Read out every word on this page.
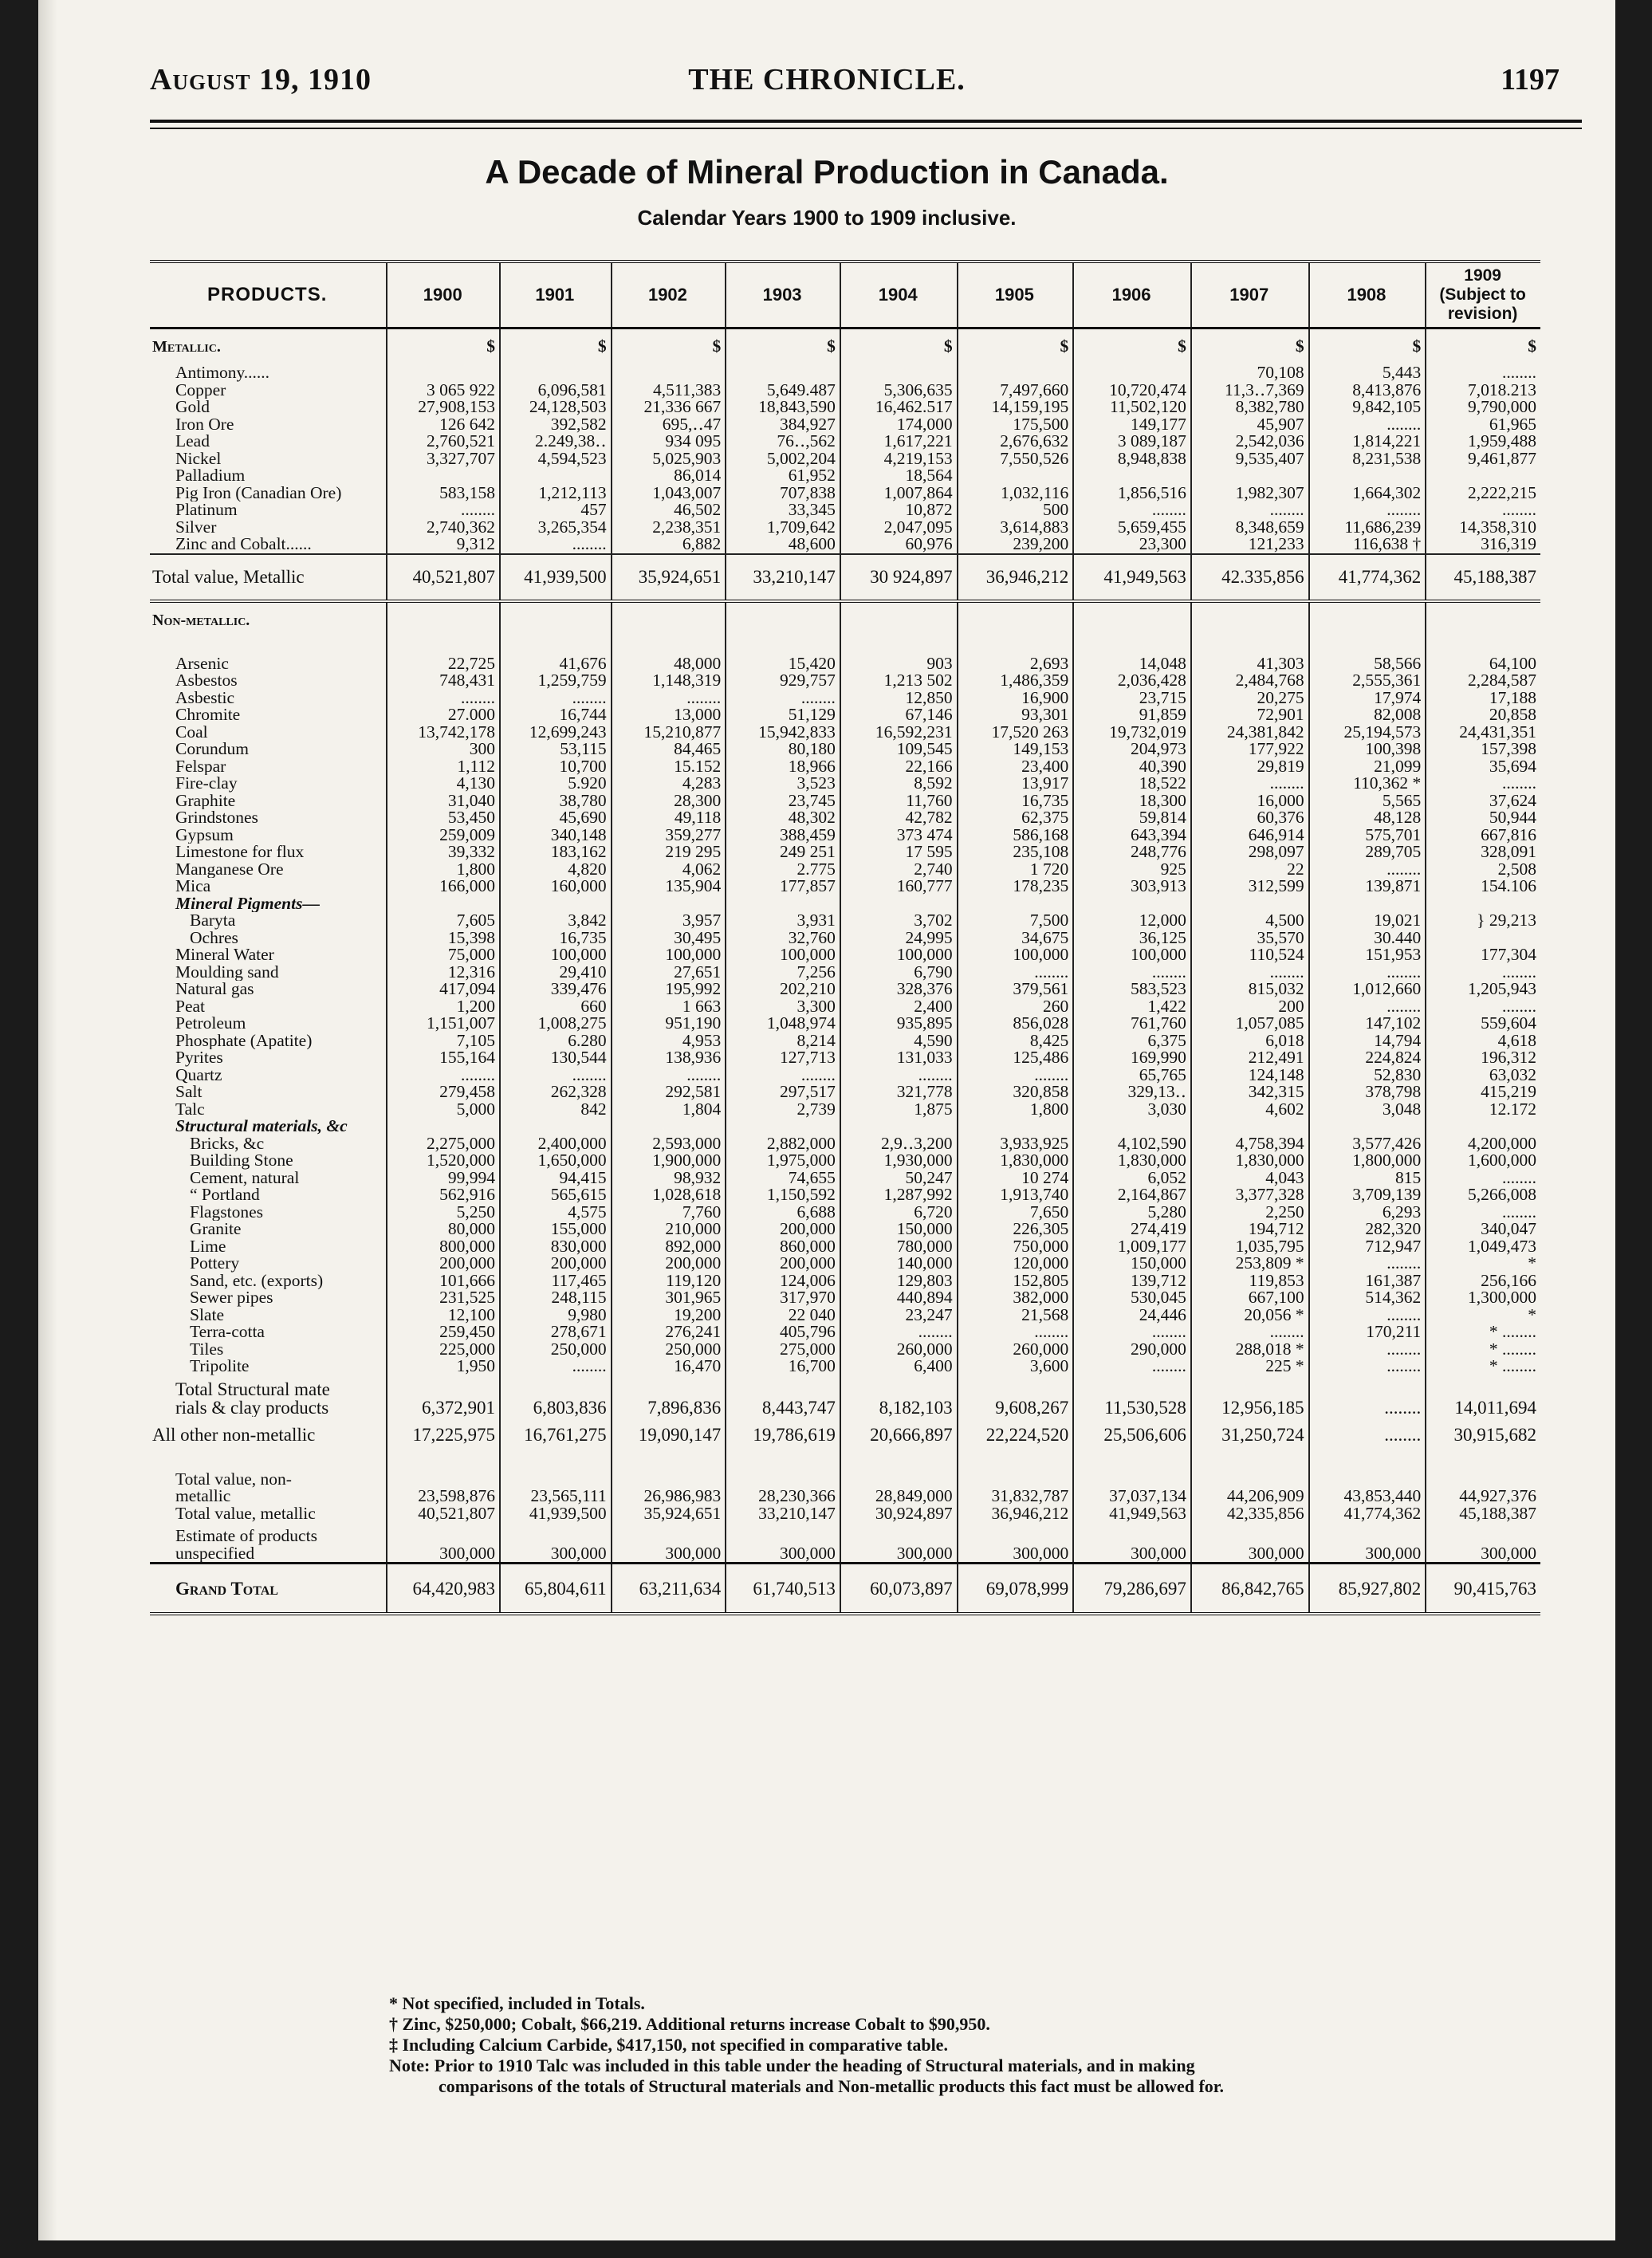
August 19, 1910	THE CHRONICLE.	1197
A Decade of Mineral Production in Canada.
Calendar Years 1900 to 1909 inclusive.
PRODUCTS.	1900	1901	1902	1903	1904	1905	1906	1907	1908	1909 (Subject to revision)
Metallic.	$	$	$	$	$	$	$	$	$	$
Antimony......								70,108	5,443	........
Copper	3 065 922	6,096,581	4,511,383	5,649.487	5,306,635	7,497,660	10,720,474	11,3‥7,369	8,413,876	7,018.213
Gold	27,908,153	24,128,503	21,336 667	18,843,590	16,462.517	14,159,195	11,502,120	8,382,780	9,842,105	9,790,000
Iron Ore	126 642	392,582	695,‥47	384,927	174,000	175,500	149,177	45,907	........	61,965
Lead	2,760,521	2.249,38‥	934 095	76‥,562	1,617,221	2,676,632	3 089,187	2,542,036	1,814,221	1,959,488
Nickel	3,327,707	4,594,523	5,025,903	5,002,204	4,219,153	7,550,526	8,948,838	9,535,407	8,231,538	9,461,877
Palladium			86,014	61,952	18,564					
Pig Iron (Canadian Ore)	583,158	1,212,113	1,043,007	707,838	1,007,864	1,032,116	1,856,516	1,982,307	1,664,302	2,222,215
Platinum	........	457	46,502	33,345	10,872	500	........	........	........	........
Silver	2,740,362	3,265,354	2,238,351	1,709,642	2,047,095	3,614,883	5,659,455	8,348,659	11,686,239	14,358,310
Zinc and Cobalt......	9,312	........	6,882	48,600	60,976	239,200	23,300	121,233	116,638 †	316,319
Total value, Metallic	40,521,807	41,939,500	35,924,651	33,210,147	30 924,897	36,946,212	41,949,563	42.335,856	41,774,362	45,188,387
Non-metallic.										

Arsenic	22,725	41,676	48,000	15,420	903	2,693	14,048	41,303	58,566	64,100
Asbestos	748,431	1,259,759	1,148,319	929,757	1,213 502	1,486,359	2,036,428	2,484,768	2,555,361	2,284,587
Asbestic	........	........	........	........	12,850	16,900	23,715	20,275	17,974	17,188
Chromite	27.000	16,744	13,000	51,129	67,146	93,301	91,859	72,901	82,008	20,858
Coal	13,742,178	12,699,243	15,210,877	15,942,833	16,592,231	17,520 263	19,732,019	24,381,842	25,194,573	24,431,351
Corundum	300	53,115	84,465	80,180	109,545	149,153	204,973	177,922	100,398	157,398
Felspar	1,112	10,700	15.152	18,966	22,166	23,400	40,390	29,819	21,099	35,694
Fire-clay	4,130	5.920	4,283	3,523	8,592	13,917	18,522	........	110,362 *	........
Graphite	31,040	38,780	28,300	23,745	11,760	16,735	18,300	16,000	5,565	37,624
Grindstones	53,450	45,690	49,118	48,302	42,782	62,375	59,814	60,376	48,128	50,944
Gypsum	259,009	340,148	359,277	388,459	373 474	586,168	643,394	646,914	575,701	667,816
Limestone for flux	39,332	183,162	219 295	249 251	17 595	235,108	248,776	298,097	289,705	328,091
Manganese Ore	1,800	4,820	4,062	2.775	2,740	1 720	925	22	........	2,508
Mica	166,000	160,000	135,904	177,857	160,777	178,235	303,913	312,599	139,871	154.106
Mineral Pigments—										
Baryta	7,605	3,842	3,957	3,931	3,702	7,500	12,000	4,500	19,021	} 29,213
Ochres	15,398	16,735	30,495	32,760	24,995	34,675	36,125	35,570	30.440	
Mineral Water	75,000	100,000	100,000	100,000	100,000	100,000	100,000	110,524	151,953	177,304
Moulding sand	12,316	29,410	27,651	7,256	6,790	........	........	........	........	........
Natural gas	417,094	339,476	195,992	202,210	328,376	379,561	583,523	815,032	1,012,660	1,205,943
Peat	1,200	660	1 663	3,300	2,400	260	1,422	200	........	........
Petroleum	1,151,007	1,008,275	951,190	1,048,974	935,895	856,028	761,760	1,057,085	147,102	559,604
Phosphate (Apatite)	7,105	6.280	4,953	8,214	4,590	8,425	6,375	6,018	14,794	4,618
Pyrites	155,164	130,544	138,936	127,713	131,033	125,486	169,990	212,491	224,824	196,312
Quartz	........	........	........	........	........	........	65,765	124,148	52,830	63,032
Salt	279,458	262,328	292,581	297,517	321,778	320,858	329,13‥	342,315	378,798	415,219
Talc	5,000	842	1,804	2,739	1,875	1,800	3,030	4,602	3,048	12.172
Structural materials, &c										
Bricks, &c	2,275,000	2,400,000	2,593,000	2,882,000	2,9‥3,200	3,933,925	4,102,590	4,758,394	3,577,426	4,200,000
Building Stone	1,520,000	1,650,000	1,900,000	1,975,000	1,930,000	1,830,000	1,830,000	1,830,000	1,800,000	1,600,000
Cement, natural	99,994	94,415	98,932	74,655	50,247	10 274	6,052	4,043	815	........
“ Portland	562,916	565,615	1,028,618	1,150,592	1,287,992	1,913,740	2,164,867	3,377,328	3,709,139	5,266,008
Flagstones	5,250	4,575	7,760	6,688	6,720	7,650	5,280	2,250	6,293	........
Granite	80,000	155,000	210,000	200,000	150,000	226,305	274,419	194,712	282,320	340,047
Lime	800,000	830,000	892,000	860,000	780,000	750,000	1,009,177	1,035,795	712,947	1,049,473
Pottery	200,000	200,000	200,000	200,000	140,000	120,000	150,000	253,809 *	........	*
Sand, etc. (exports)	101,666	117,465	119,120	124,006	129,803	152,805	139,712	119,853	161,387	256,166
Sewer pipes	231,525	248,115	301,965	317,970	440,894	382,000	530,045	667,100	514,362	1,300,000
Slate	12,100	9,980	19,200	22 040	23,247	21,568	24,446	20,056 *	........	*
Terra-cotta	259,450	278,671	276,241	405,796	........	........	........	........	170,211	* ........
Tiles	225,000	250,000	250,000	275,000	260,000	260,000	290,000	288,018 *	........	* ........
Tripolite	1,950	........	16,470	16,700	6,400	3,600	........	225 *	........	* ........
Total Structural mate
rials & clay products	6,372,901	6,803,836	7,896,836	8,443,747	8,182,103	9,608,267	11,530,528	12,956,185	........	14,011,694
All other non-metallic	17,225,975	16,761,275	19,090,147	19,786,619	20,666,897	22,224,520	25,506,606	31,250,724	........	30,915,682

Total value, non-
metallic	23,598,876	23,565,111	26,986,983	28,230,366	28,849,000	31,832,787	37,037,134	44,206,909	43,853,440	44,927,376
Total value, metallic	40,521,807	41,939,500	35,924,651	33,210,147	30,924,897	36,946,212	41,949,563	42,335,856	41,774,362	45,188,387
Estimate of products
unspecified	300,000	300,000	300,000	300,000	300,000	300,000	300,000	300,000	300,000	300,000
Grand Total	64,420,983	65,804,611	63,211,634	61,740,513	60,073,897	69,078,999	79,286,697	86,842,765	85,927,802	90,415,763
* Not specified, included in Totals.
† Zinc, $250,000; Cobalt, $66,219. Additional returns increase Cobalt to $90,950.
‡ Including Calcium Carbide, $417,150, not specified in comparative table.
Note: Prior to 1910 Talc was included in this table under the heading of Structural materials, and in making
comparisons of the totals of Structural materials and Non-metallic products this fact must be allowed for.
